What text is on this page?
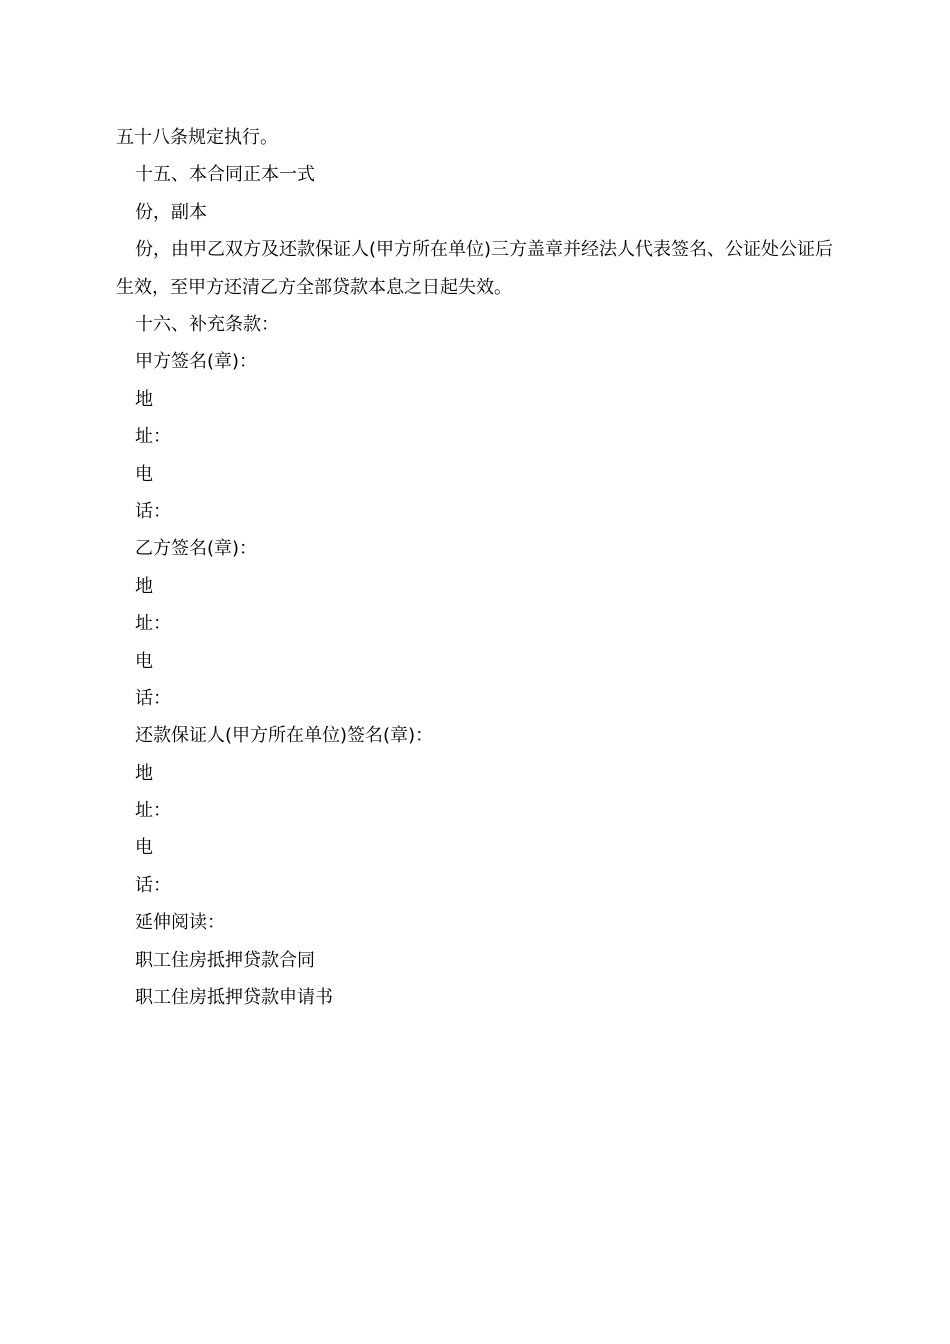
五十八条规定执行。
十五、本合同正本一式
份，副本
份，由甲乙双方及还款保证人(甲方所在单位)三方盖章并经法人代表签名、公证处公证后生效，至甲方还清乙方全部贷款本息之日起失效。
十六、补充条款：
甲方签名(章)：
地
址：
电
话：
乙方签名(章)：
地
址：
电
话：
还款保证人(甲方所在单位)签名(章)：
地
址：
电
话：
延伸阅读：
职工住房抵押贷款合同
职工住房抵押贷款申请书
